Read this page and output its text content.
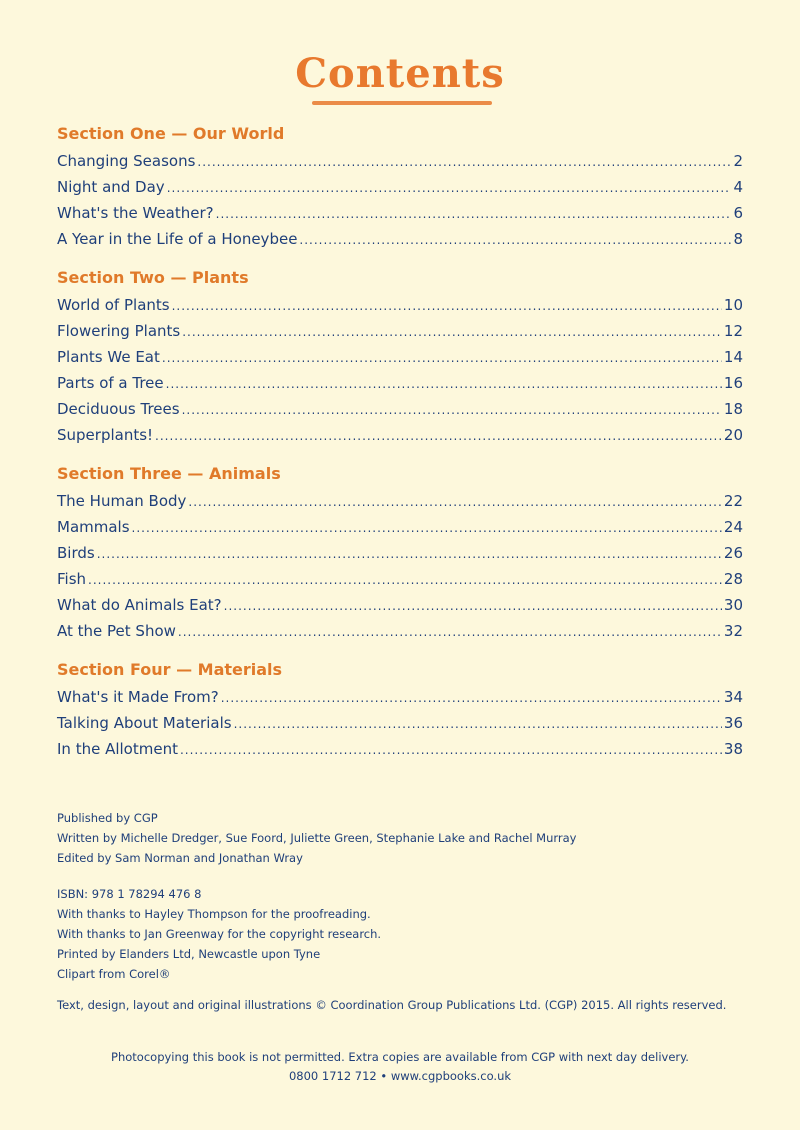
Contents
Section One — Our World
Changing Seasons .....	2
Night and Day .....	4
What's the Weather? .....	6
A Year in the Life of a Honeybee .....	8
Section Two — Plants
World of Plants .....	10
Flowering Plants .....	12
Plants We Eat .....	14
Parts of a Tree .....	16
Deciduous Trees .....	18
Superplants! .....	20
Section Three — Animals
The Human Body .....	22
Mammals .....	24
Birds .....	26
Fish .....	28
What do Animals Eat? .....	30
At the Pet Show .....	32
Section Four — Materials
What's it Made From? .....	34
Talking About Materials .....	36
In the Allotment .....	38

Published by CGP

Written by Michelle Dredger, Sue Foord, Juliette Green, Stephanie Lake and Rachel Murray

Edited by Sam Norman and Jonathan Wray

ISBN: 978 1 78294 476 8

With thanks to Hayley Thompson for the proofreading.

With thanks to Jan Greenway for the copyright research.

Printed by Elanders Ltd, Newcastle upon Tyne

Clipart from Corel®

Text, design, layout and original illustrations © Coordination Group Publications Ltd. (CGP) 2015. All rights reserved.
Photocopying this book is not permitted. Extra copies are available from CGP with next day delivery.
0800 1712 712 • www.cgpbooks.co.uk
